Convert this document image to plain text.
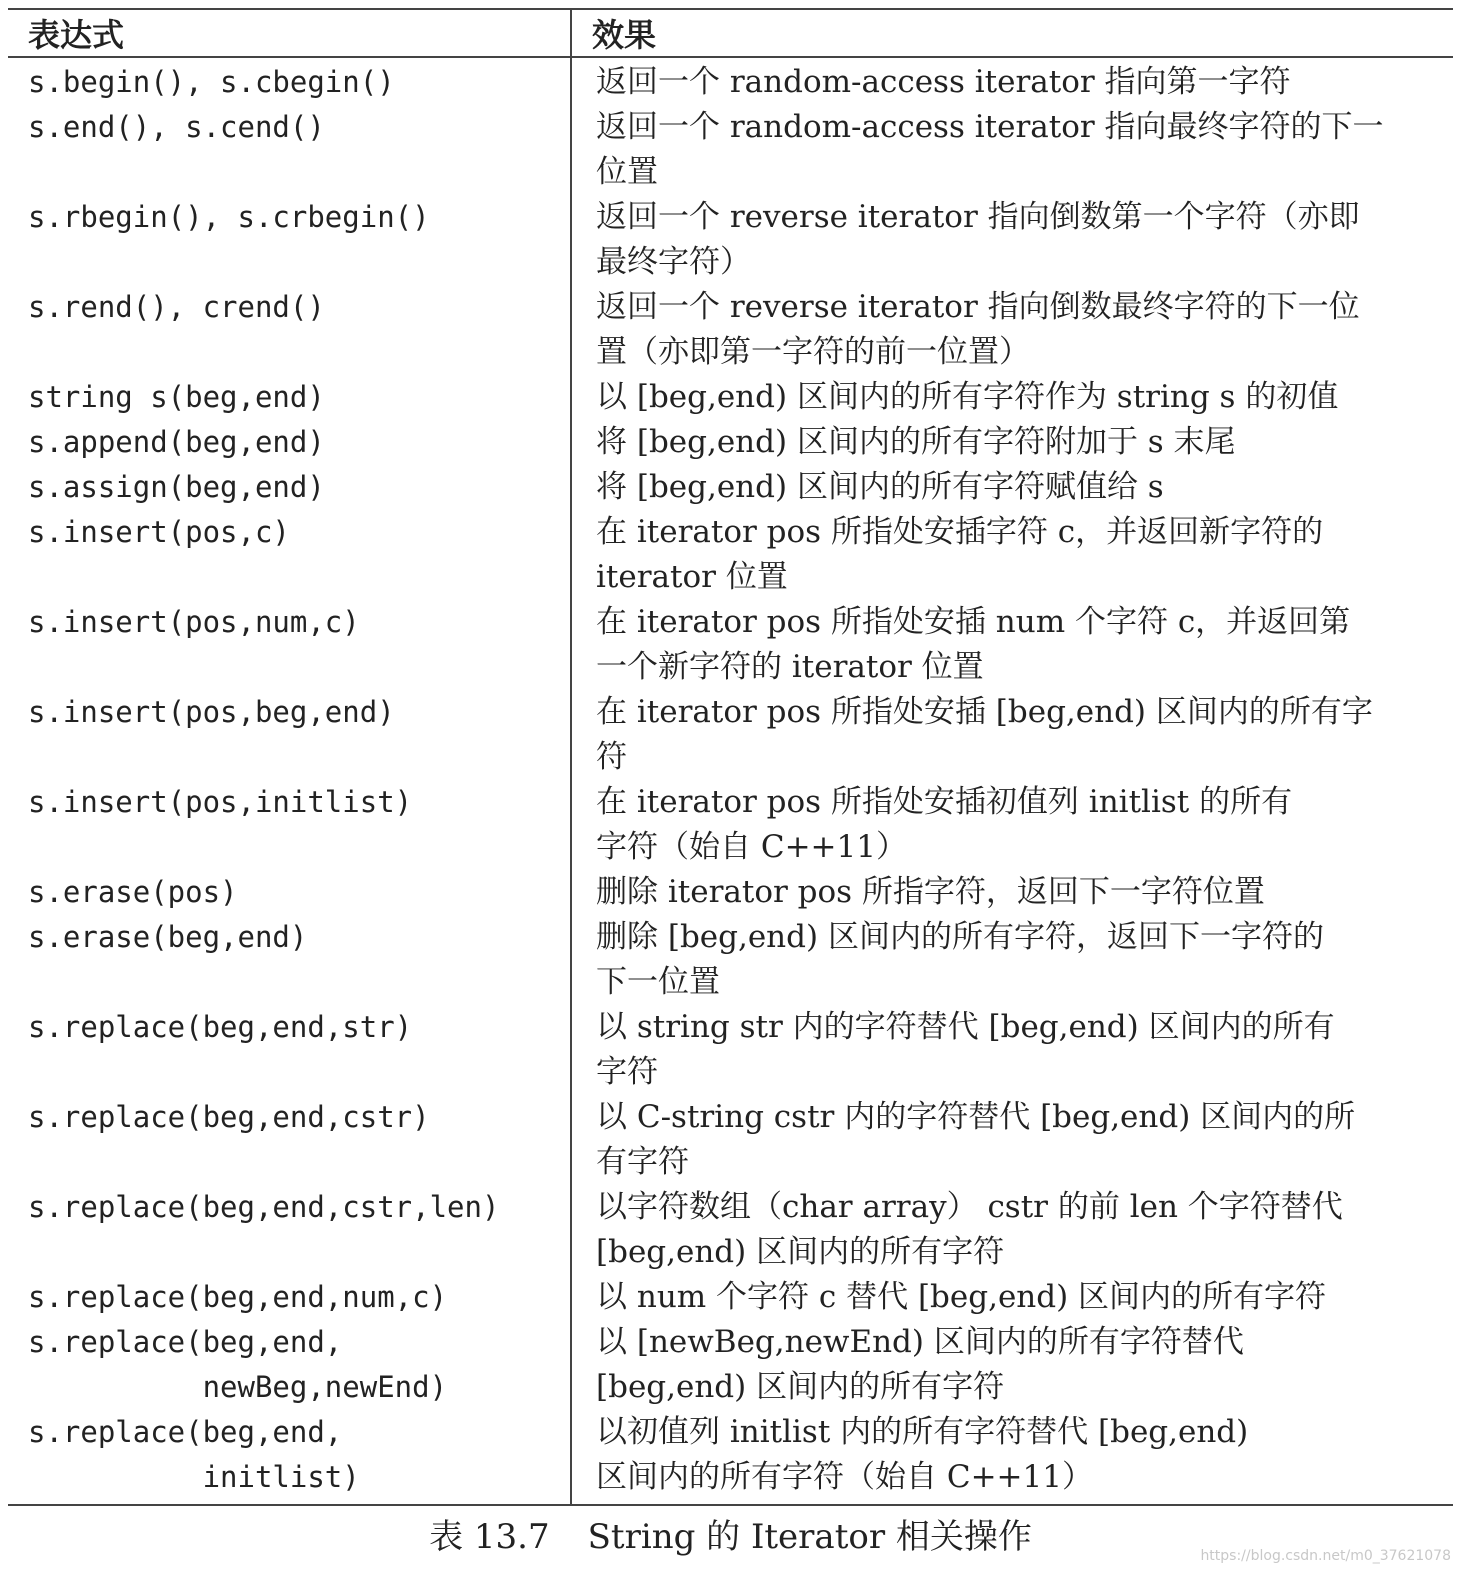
表达式	效果

s.begin(), s.cbegin()	返回一个 random-access iterator 指向第一字符

s.end(), s.cend()	返回一个 random-access iterator 指向最终字符的下一
位置

s.rbegin(), s.crbegin()	返回一个 reverse iterator 指向倒数第一个字符（亦即
最终字符）

s.rend(), crend()	返回一个 reverse iterator 指向倒数最终字符的下一位
置（亦即第一字符的前一位置）

string s(beg,end)	以 [beg,end) 区间内的所有字符作为 string s 的初值

s.append(beg,end)	将 [beg,end) 区间内的所有字符附加于 s 末尾

s.assign(beg,end)	将 [beg,end) 区间内的所有字符赋值给 s

s.insert(pos,c)	在 iterator pos 所指处安插字符 c，并返回新字符的
iterator 位置

s.insert(pos,num,c)	在 iterator pos 所指处安插 num 个字符 c，并返回第
一个新字符的 iterator 位置

s.insert(pos,beg,end)	在 iterator pos 所指处安插 [beg,end) 区间内的所有字
符

s.insert(pos,initlist)	在 iterator pos 所指处安插初值列 initlist 的所有
字符（始自 C++11）

s.erase(pos)	删除 iterator pos 所指字符，返回下一字符位置

s.erase(beg,end)	删除 [beg,end) 区间内的所有字符，返回下一字符的
下一位置

s.replace(beg,end,str)	以 string str 内的字符替代 [beg,end) 区间内的所有
字符

s.replace(beg,end,cstr)	以 C-string cstr 内的字符替代 [beg,end) 区间内的所
有字符

s.replace(beg,end,cstr,len)	以字符数组（char array） cstr 的前 len 个字符替代
[beg,end) 区间内的所有字符

s.replace(beg,end,num,c)	以 num 个字符 c 替代 [beg,end) 区间内的所有字符

s.replace(beg,end,
newBeg,newEnd)	以 [newBeg,newEnd) 区间内的所有字符替代
[beg,end) 区间内的所有字符

s.replace(beg,end,
initlist)	以初值列 initlist 内的所有字符替代 [beg,end)
区间内的所有字符（始自 C++11）
表 13.7 String 的 Iterator 相关操作	https://blog.csdn.net/m0_37621078
